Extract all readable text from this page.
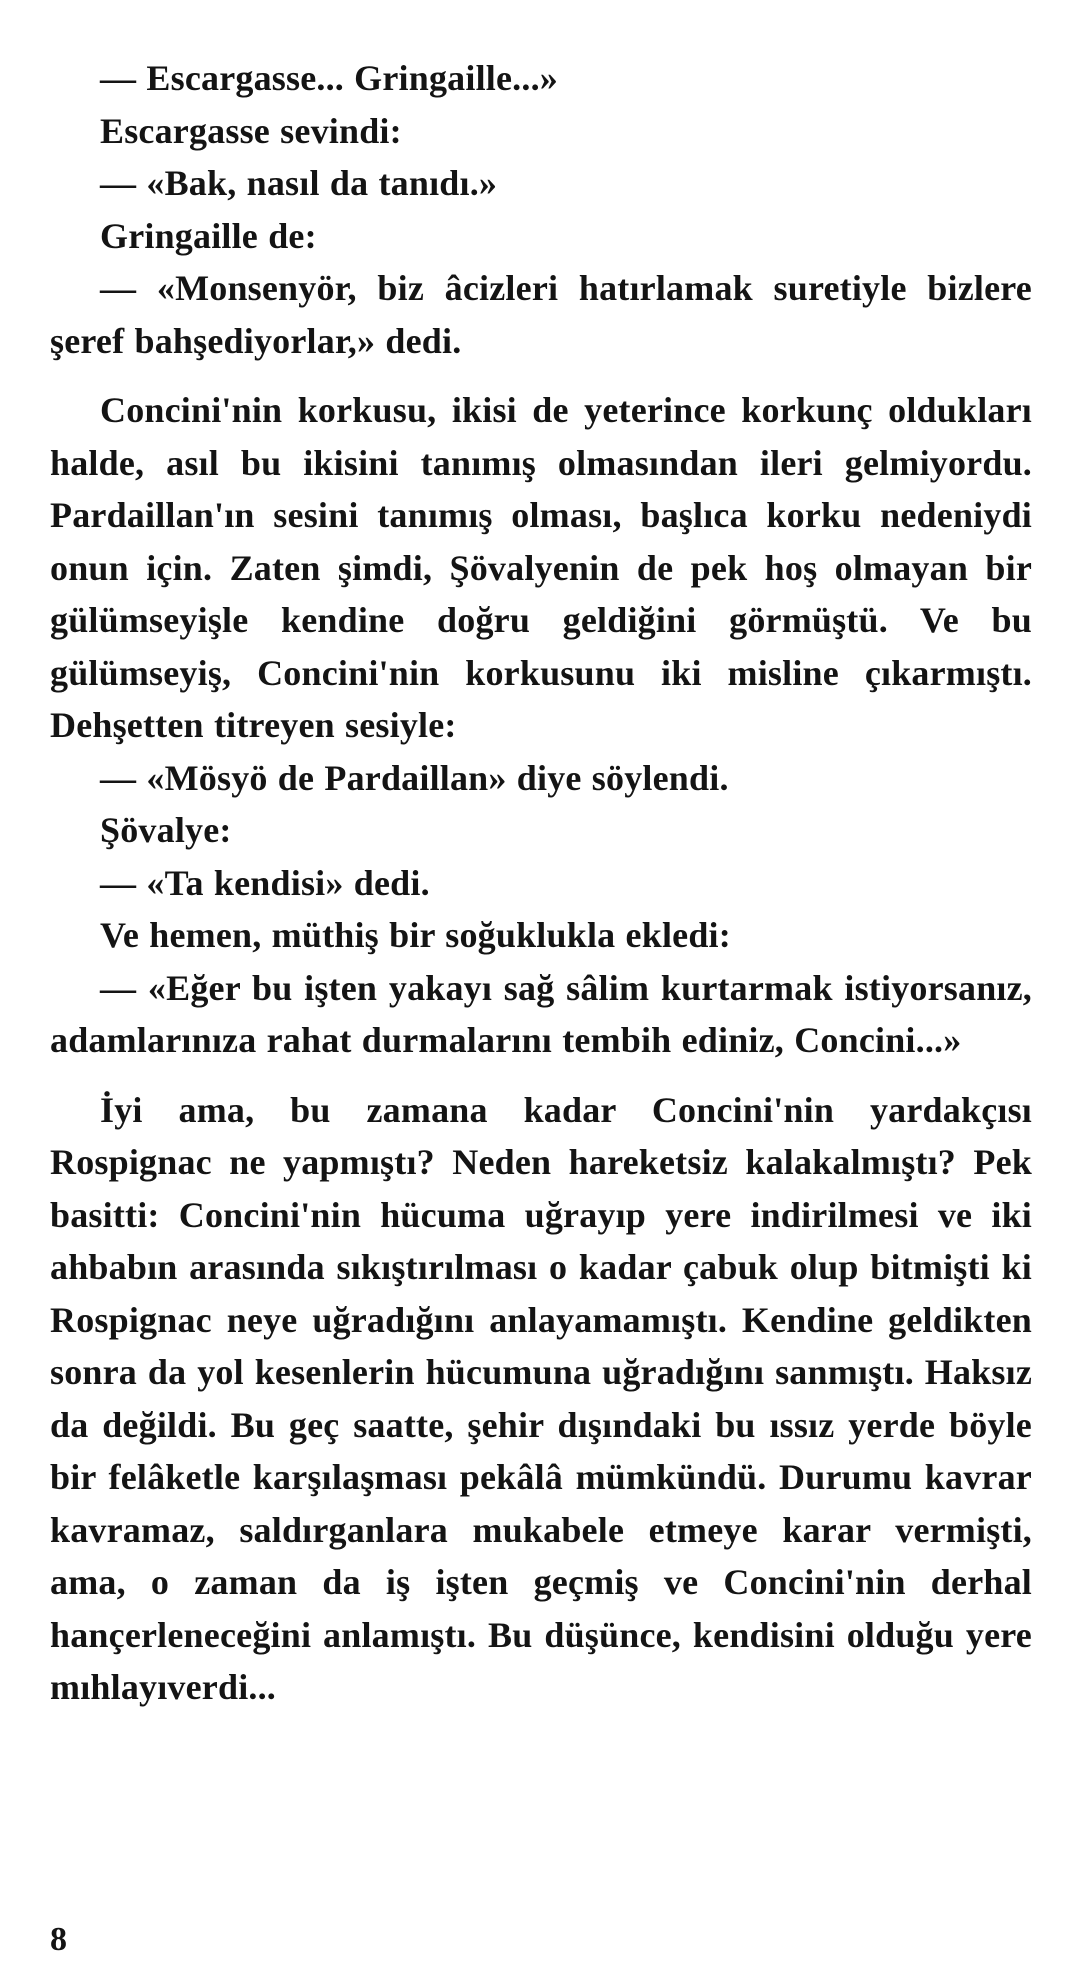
— Escargasse... Gringaille...»

Escargasse sevindi:

— «Bak, nasıl da tanıdı.»

Gringaille de:

— «Monsenyör, biz âcizleri hatırlamak suretiyle bizlere şeref bahşediyorlar,» dedi.

Concini'nin korkusu, ikisi de yeterince korkunç oldukları halde, asıl bu ikisini tanımış olmasından ileri gelmiyordu. Pardaillan'ın sesini tanımış olması, başlıca korku nedeniydi onun için. Zaten şimdi, Şövalyenin de pek hoş olmayan bir gülümseyişle kendine doğru geldiğini görmüştü. Ve bu gülümseyiş, Concini'nin korkusunu iki misline çıkarmıştı. Dehşetten titreyen sesiyle:

— «Mösyö de Pardaillan» diye söylendi.

Şövalye:

— «Ta kendisi» dedi.

Ve hemen, müthiş bir soğuklukla ekledi:

— «Eğer bu işten yakayı sağ sâlim kurtarmak istiyorsanız, adamlarınıza rahat durmalarını tembih ediniz, Concini...»

İyi ama, bu zamana kadar Concini'nin yardakçısı Rospignac ne yapmıştı? Neden hareketsiz kalakalmıştı? Pek basitti: Concini'nin hücuma uğrayıp yere indirilmesi ve iki ahbabın arasında sıkıştırılması o kadar çabuk olup bitmişti ki Rospignac neye uğradığını anlayamamıştı. Kendine geldikten sonra da yol kesenlerin hücumuna uğradığını sanmıştı. Haksız da değildi. Bu geç saatte, şehir dışındaki bu ıssız yerde böyle bir felâketle karşılaşması pekâlâ mümkündü. Durumu kavrar kavramaz, saldırganlara mukabele etmeye karar vermişti, ama, o zaman da iş işten geçmiş ve Concini'nin derhal hançerleneceğini anlamıştı. Bu düşünce, kendisini olduğu yere mıhlayıverdi...

8
